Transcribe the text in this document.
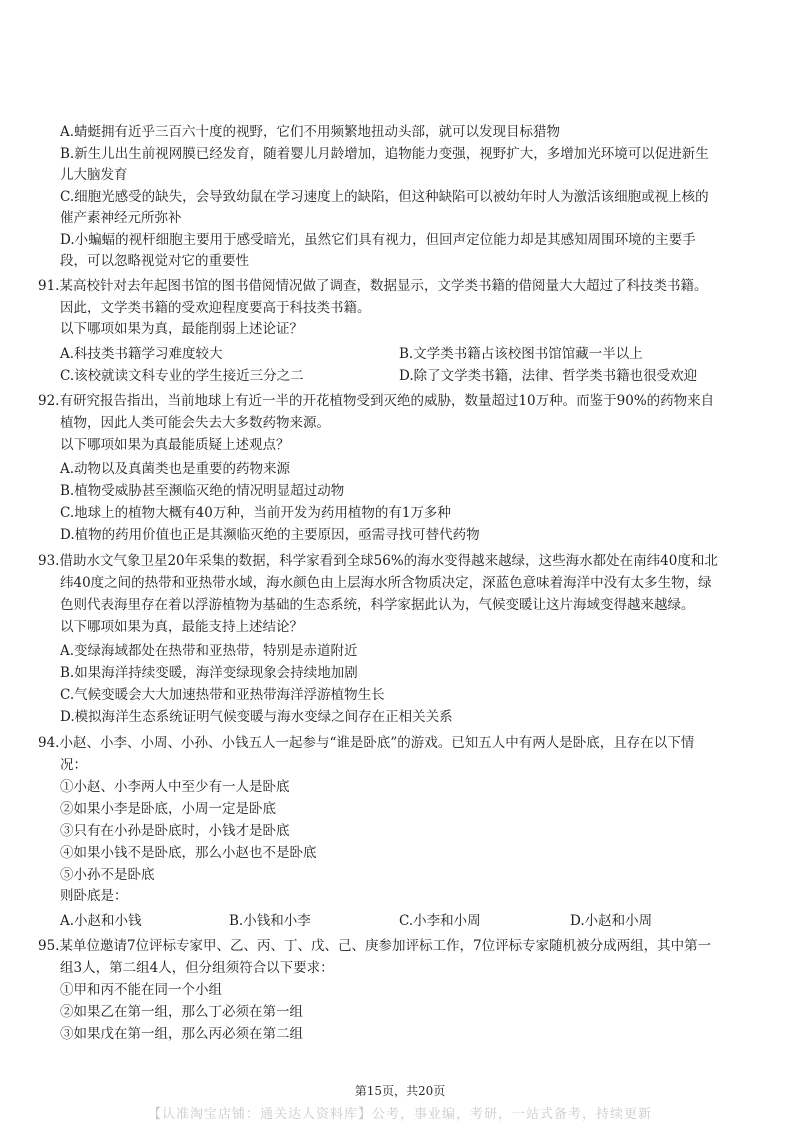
A.蜻蜓拥有近乎三百六十度的视野，它们不用频繁地扭动头部，就可以发现目标猎物
B.新生儿出生前视网膜已经发育，随着婴儿月龄增加，追物能力变强，视野扩大，多增加光环境可以促进新生
儿大脑发育
C.细胞光感受的缺失，会导致幼鼠在学习速度上的缺陷，但这种缺陷可以被幼年时人为激活该细胞或视上核的
催产素神经元所弥补
D.小蝙蝠的视杆细胞主要用于感受暗光，虽然它们具有视力，但回声定位能力却是其感知周围环境的主要手
段，可以忽略视觉对它的重要性
91.某高校针对去年起图书馆的图书借阅情况做了调查，数据显示，文学类书籍的借阅量大大超过了科技类书籍。
因此，文学类书籍的受欢迎程度要高于科技类书籍。
以下哪项如果为真，最能削弱上述论证？
A.科技类书籍学习难度较大	B.文学类书籍占该校图书馆馆藏一半以上
C.该校就读文科专业的学生接近三分之二	D.除了文学类书籍，法律、哲学类书籍也很受欢迎
92.有研究报告指出，当前地球上有近一半的开花植物受到灭绝的威胁，数量超过10万种。而鉴于90%的药物来自
植物，因此人类可能会失去大多数药物来源。
以下哪项如果为真最能质疑上述观点？
A.动物以及真菌类也是重要的药物来源
B.植物受威胁甚至濒临灭绝的情况明显超过动物
C.地球上的植物大概有40万种，当前开发为药用植物的有1万多种
D.植物的药用价值也正是其濒临灭绝的主要原因，亟需寻找可替代药物
93.借助水文气象卫星20年采集的数据，科学家看到全球56%的海水变得越来越绿，这些海水都处在南纬40度和北
纬40度之间的热带和亚热带水域，海水颜色由上层海水所含物质决定，深蓝色意味着海洋中没有太多生物，绿
色则代表海里存在着以浮游植物为基础的生态系统，科学家据此认为，气候变暖让这片海域变得越来越绿。
以下哪项如果为真，最能支持上述结论？
A.变绿海域都处在热带和亚热带，特别是赤道附近
B.如果海洋持续变暖，海洋变绿现象会持续地加剧
C.气候变暖会大大加速热带和亚热带海洋浮游植物生长
D.模拟海洋生态系统证明气候变暖与海水变绿之间存在正相关关系
94.小赵、小李、小周、小孙、小钱五人一起参与“谁是卧底”的游戏。已知五人中有两人是卧底，且存在以下情
况：
①小赵、小李两人中至少有一人是卧底
②如果小李是卧底，小周一定是卧底
③只有在小孙是卧底时，小钱才是卧底
④如果小钱不是卧底，那么小赵也不是卧底
⑤小孙不是卧底
则卧底是：
A.小赵和小钱	B.小钱和小李	C.小李和小周	D.小赵和小周
95.某单位邀请7位评标专家甲、乙、丙、丁、戊、己、庚参加评标工作，7位评标专家随机被分成两组，其中第一
组3人，第二组4人，但分组须符合以下要求：
①甲和丙不能在同一个小组
②如果乙在第一组，那么丁必须在第一组
③如果戊在第一组，那么丙必须在第二组
第15页，共20页
【认准淘宝店铺：通关达人资料库】公考，事业编，考研，一站式备考，持续更新
